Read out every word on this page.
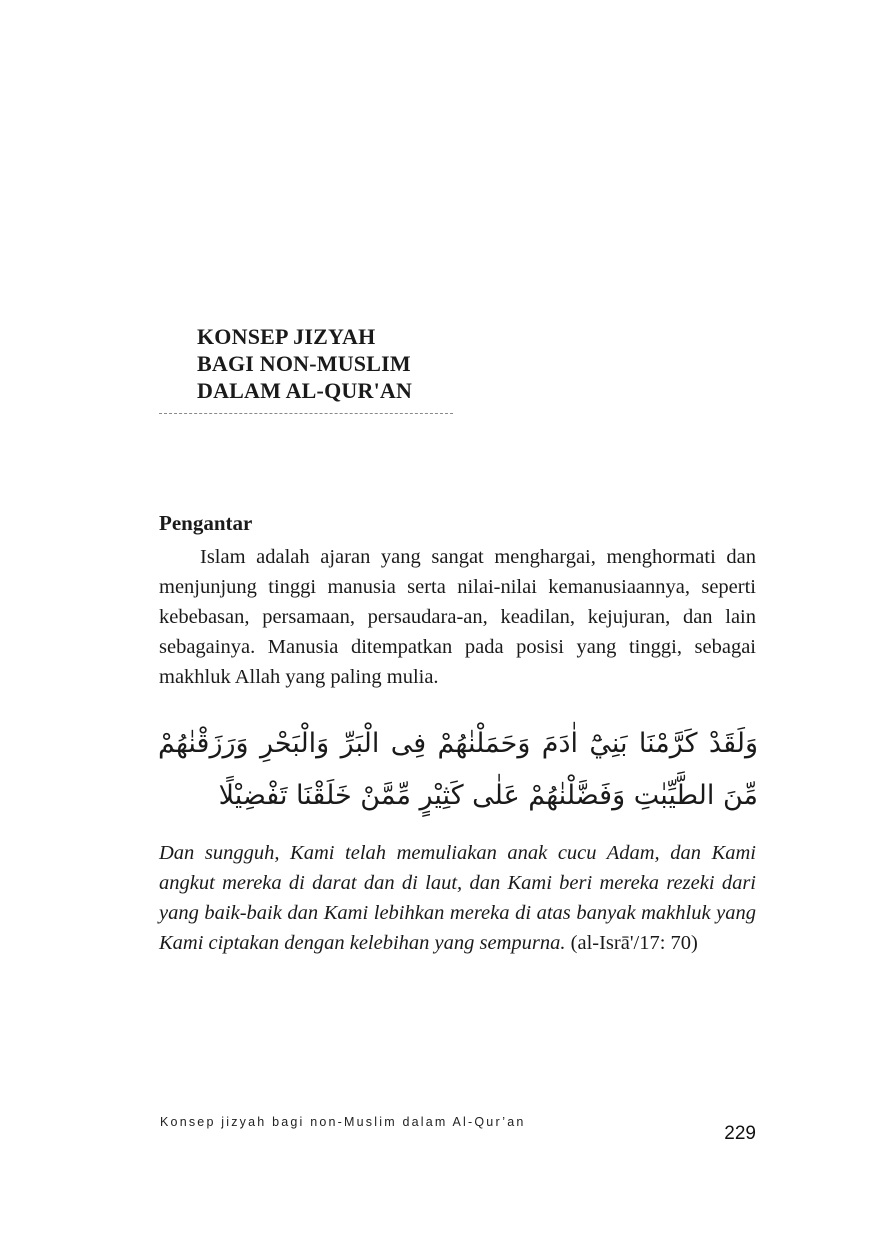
KONSEP JIZYAH

BAGI NON-MUSLIM

DALAM AL-QUR'AN

Pengantar

Islam adalah ajaran yang sangat menghargai, menghormati dan menjunjung tinggi manusia serta nilai-nilai kemanusiaannya, seperti kebebasan, persamaan, persaudara-an, keadilan, kejujuran, dan lain sebagainya. Manusia ditempatkan pada posisi yang tinggi, sebagai makhluk Allah yang paling mulia.

وَلَقَدْ كَرَّمْنَا بَنِيْٓ اٰدَمَ وَحَمَلْنٰهُمْ فِى الْبَرِّ وَالْبَحْرِ وَرَزَقْنٰهُمْ مِّنَ الطَّيِّبٰتِ وَفَضَّلْنٰهُمْ عَلٰى كَثِيْرٍ مِّمَّنْ خَلَقْنَا تَفْضِيْلًا

Dan sungguh, Kami telah memuliakan anak cucu Adam, dan Kami angkut mereka di darat dan di laut, dan Kami beri mereka rezeki dari yang baik-baik dan Kami lebihkan mereka di atas banyak makhluk yang Kami ciptakan dengan kelebihan yang sempurna. (al-Isrā'/17: 70)

Konsep jizyah bagi non-Muslim dalam Al-Qur’an

229
